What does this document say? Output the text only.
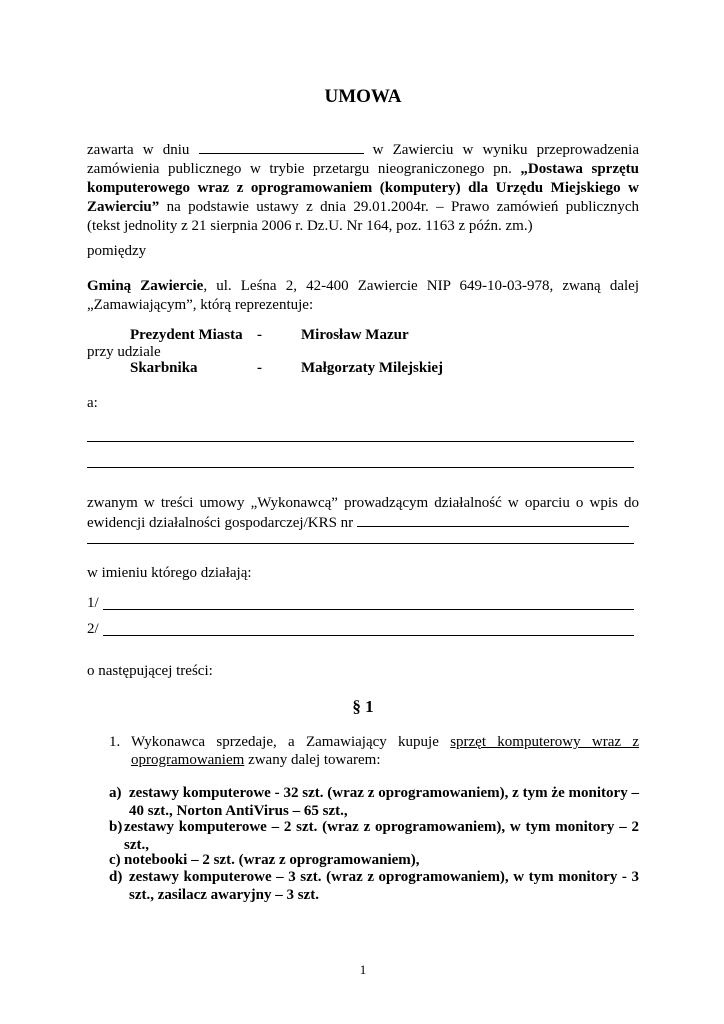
UMOWA

zawarta w dniu	w Zawierciu w wyniku przeprowadzenia zamówienia publicznego w trybie przetargu nieograniczonego pn. „Dostawa sprzętu komputerowego wraz z oprogramowaniem (komputery) dla Urzędu Miejskiego w Zawierciu” na podstawie ustawy z dnia 29.01.2004r. – Prawo zamówień publicznych (tekst jednolity z 21 sierpnia 2006 r. Dz.U. Nr 164, poz. 1163 z późn. zm.)

pomiędzy

Gminą Zawiercie, ul. Leśna 2, 42-400 Zawiercie NIP 649-10-03-978, zwaną dalej „Zamawiającym”, którą reprezentuje:

Prezydent Miasta -	Mirosław Mazur
przy udziale
Skarbnika	-	Małgorzaty Milejskiej
a:

zwanym w treści umowy „Wykonawcą” prowadzącym działalność w oparciu o wpis do ewidencji działalności gospodarczej/KRS nr

w imieniu którego działają:
1/
2/
o następującej treści:
§ 1
1. Wykonawca sprzedaje, a Zamawiający kupuje sprzęt komputerowy wraz z oprogramowaniem zwany dalej towarem:
a) zestawy komputerowe - 32 szt. (wraz z oprogramowaniem), z tym że monitory – 40 szt., Norton AntiVirus – 65 szt.,
b) zestawy komputerowe – 2 szt. (wraz z oprogramowaniem), w tym monitory – 2 szt.,
c) notebooki – 2 szt. (wraz z oprogramowaniem),
d) zestawy komputerowe – 3 szt. (wraz z oprogramowaniem), w tym monitory - 3 szt., zasilacz awaryjny – 3 szt.
1
